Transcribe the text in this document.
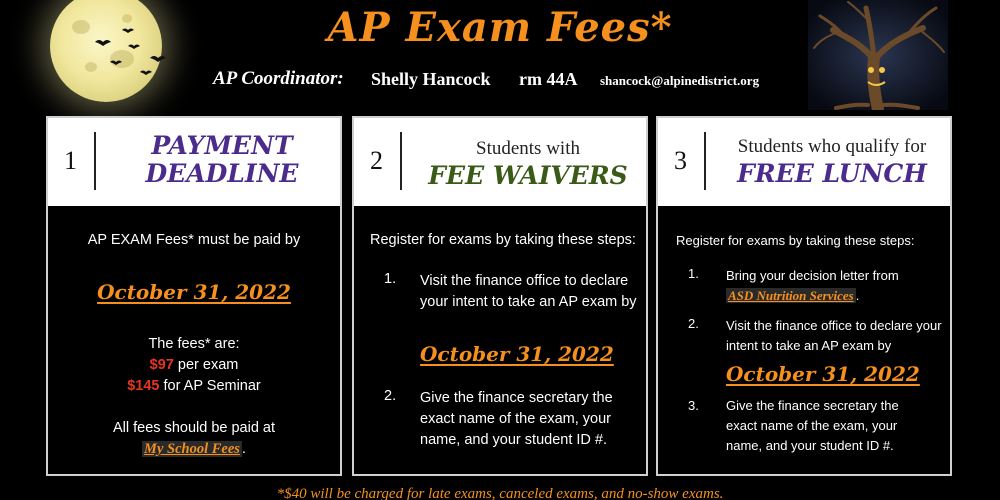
AP Exam Fees*
AP Coordinator: Shelly Hancock rm 44A shancock@alpinedistrict.org
1
PAYMENT
DEADLINE
AP EXAM Fees* must be paid by
October 31, 2022
The fees* are:
$97 per exam
$145 for AP Seminar
All fees should be paid at
My School Fees .
2	Students with
FEE WAIVERS
Register for exams by taking these steps:
1. Visit the finance office to declare your intent to take an AP exam by
October 31, 2022
2. Give the finance secretary the exact name of the exam, your name, and your student ID #.
3	Students who qualify for
FREE LUNCH
Register for exams by taking these steps:
1. Bring your decision letter from
ASD Nutrition Services .
2. Visit the finance office to declare your intent to take an AP exam by
October 31, 2022
3. Give the finance secretary the exact name of the exam, your name, and your student ID #.
*$40 will be charged for late exams, canceled exams, and no-show exams.
